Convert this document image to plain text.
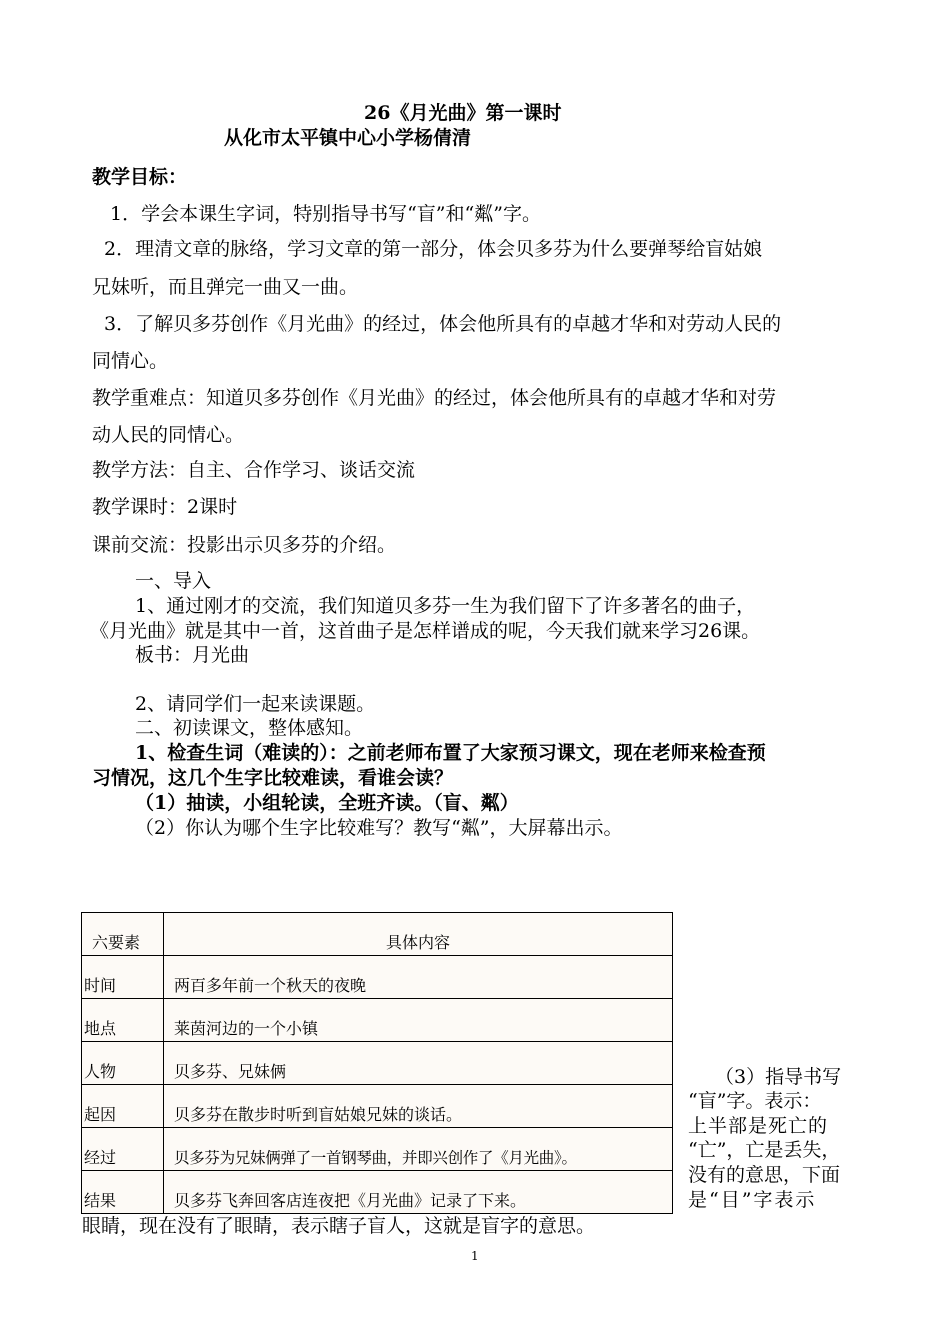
26《月光曲》第一课时
从化市太平镇中心小学杨倩清
教学目标：
1．学会本课生字词，特别指导书写“盲”和“粼”字。
2．理清文章的脉络，学习文章的第一部分，体会贝多芬为什么要弹琴给盲姑娘
兄妹听，而且弹完一曲又一曲。
3．了解贝多芬创作《月光曲》的经过，体会他所具有的卓越才华和对劳动人民的
同情心。
教学重难点：知道贝多芬创作《月光曲》的经过，体会他所具有的卓越才华和对劳
动人民的同情心。
教学方法：自主、合作学习、谈话交流
教学课时：2课时
课前交流：投影出示贝多芬的介绍。
一、导入
1、通过刚才的交流，我们知道贝多芬一生为我们留下了许多著名的曲子，
《月光曲》就是其中一首，这首曲子是怎样谱成的呢，今天我们就来学习26课。
板书：月光曲
2、请同学们一起来读课题。
二、初读课文，整体感知。
1、检查生词（难读的）：之前老师布置了大家预习课文，现在老师来检查预
习情况，这几个生字比较难读，看谁会读？
（1）抽读，小组轮读，全班齐读。（盲、粼）
（2）你认为哪个生字比较难写？教写“粼”，大屏幕出示。
六要素	具体内容
时间	两百多年前一个秋天的夜晚
地点	莱茵河边的一个小镇
人物	贝多芬、兄妹俩
起因	贝多芬在散步时听到盲姑娘兄妹的谈话。
经过	贝多芬为兄妹俩弹了一首钢琴曲，并即兴创作了《月光曲》。
结果	贝多芬飞奔回客店连夜把《月光曲》记录了下来。
（3）指导书写
“盲”字。表示：
上半部是死亡的
“亡”，亡是丢失，
没有的意思，下面
是“目”字表示
眼睛，现在没有了眼睛，表示瞎子盲人，这就是盲字的意思。
1
